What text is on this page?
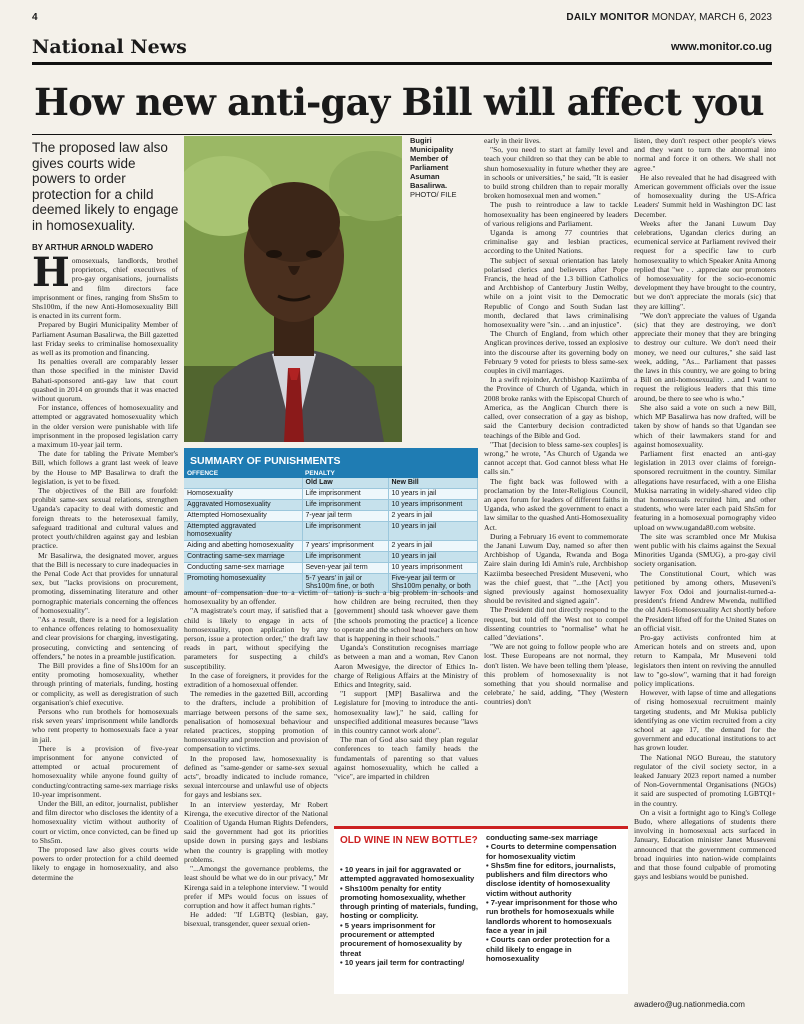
4	DAILY MONITOR MONDAY, MARCH 6, 2023
National News	www.monitor.co.ug
How new anti-gay Bill will affect you
The proposed law also gives courts wide powers to order protection for a child deemed likely to engage in homosexuality.
BY ARTHUR ARNOLD WADERO
H omosexuals, landlords, brothel proprietors, chief executives of pro-gay organisations, journalists and film directors face imprisonment or fines, ranging from Shs5m to Shs100m, if the new Anti-Homosexuality Bill is enacted in its current form.

Prepared by Bugiri Municipality Member of Parliament Asuman Basalirwa, the Bill gazetted last Friday seeks to criminalise homosexuality as well as its promotion and financing.

Its penalties overall are comparably lesser than those specified in the minister David Bahati-sponsored anti-gay law that court quashed in 2014 on grounds that it was enacted without quorum.

For instance, offences of homosexuality and attempted or aggravated homosexuality which in the older version were punishable with life imprisonment in the proposed legislation carry a maximum 10-year jail term.

The date for tabling the Private Member's Bill, which follows a grant last week of leave by the House to MP Basalirwa to draft the legislation, is yet to be fixed.

The objectives of the Bill are fourfold: prohibit same-sex sexual relations, strengthen Uganda's capacity to deal with domestic and foreign threats to the heterosexual family, safeguard traditional and cultural values and protect youth/children against gay and lesbian practice.

Mr Basalirwa, the designated mover, argues that the Bill is necessary to cure inadequacies in the Penal Code Act that provides for unnatural sex, but "lacks provisions on procurement, promoting, disseminating literature and other pornographic materials concerning the offences of homosexuality".

"As a result, there is a need for a legislation to enhance offences relating to homosexuality and clear provisions for charging, investigating, prosecuting, convicting and sentencing of offenders," he notes in a preamble justification.

The Bill provides a fine of Shs100m for an entity promoting homosexuality, whether through printing of materials, funding, hosting or complicity, as well as deregistration of such organisation's chief executive.

Persons who run brothels for homosexuals risk seven years' imprisonment while landlords who rent property to homosexuals face a year in jail.

There is a provision of five-year imprisonment for anyone convicted of attempted or actual procurement of homosexuality while anyone found guilty of conducting/contracting same-sex marriage risks 10-year imprisonment.

Under the Bill, an editor, journalist, publisher and film director who discloses the identity of a homosexuality victim without authority of court or victim, once convicted, can be fined up to Shs5m.

The proposed law also gives courts wide powers to order protection for a child deemed likely to engage in homosexuality, and also determine the

Bugiri Municipality Member of Parliament Asuman Basalirwa. PHOTO/ FILE
SUMMARY OF PUNISHMENTS
OFFENCE	PENALTY	
	Old Law	New Bill
Homosexuality	Life imprisonment	10 years in jail
Aggravated Homosexuality	Life imprisonment	10 years imprisonment
Attempted Homosexuality	7-year jail term	2 years in jail
Attempted aggravated homosexuality	Life imprisonment	10 years in jail
Aiding and abetting homosexuality	7 years' imprisonment	2 years in jail
Contracting same-sex marriage	Life imprisonment	10 years in jail
Conducting same-sex marriage	Seven-year jail term	10 years imprisonment
Promoting homosexuality	5-7 years' in jail or Shs100m fine, or both	Five-year jail term or Shs100m penalty, or both

amount of compensation due to a victim of homosexuality by an offender.

"A magistrate's court may, if satisfied that a child is likely to engage in acts of homosexuality, upon application by any person, issue a protection order," the draft law reads in part, without specifying the parameters for suspecting a child's susceptibility.

In the case of foreigners, it provides for the extradition of a homosexual offender.

The remedies in the gazetted Bill, according to the drafters, include a prohibition of marriage between persons of the same sex, penalisation of homosexual behaviour and related practices, stopping promotion of homosexuality and protection and provision of compensation to victims.

In the proposed law, homosexuality is defined as "same-gender or same-sex sexual acts", broadly indicated to include romance, sexual intercourse and unlawful use of objects for gays and lesbians sex.

In an interview yesterday, Mr Robert Kirenga, the executive director of the National Coalition of Uganda Human Rights Defenders, said the government had got its priorities upside down in pursing gays and lesbians when the country is grappling with motley problems.

"...Amongst the governance problems, the least should be what we do in our privacy," Mr Kirenga said in a telephone interview. "I would prefer if MPs would focus on issues of corruption and how it affect human rights."

He added: "If LGBTQ (lesbian, gay, bisexual, transgender, queer sexual orien-

tation) is such a big problem in schools and how children are being recruited, then they [government] should task whoever gave them [the schools promoting the practice] a licence to operate and the school head teachers on how that is happening in their schools."

Uganda's Constitution recognises marriage as between a man and a woman, Rev Canon Aaron Mwesigye, the director of Ethics In-charge of Religious Affairs at the Ministry of Ethics and Integrity, said.

"I support [MP] Basalirwa and the Legislature for [moving to introduce the anti-homosexuality law]," he said, calling for unspecified additional measures because "laws in this country cannot work alone".

The man of God also said they plan regular conferences to teach family heads the fundamentals of parenting so that values against homosexuality, which he called a "vice", are imparted in children

early in their lives.

"So, you need to start at family level and teach your children so that they can be able to shun homosexuality in future whether they are in schools or universities," he said, "It is easier to build strong children than to repair morally broken homosexual men and women."

The push to reintroduce a law to tackle homosexuality has been engineered by leaders of various religions and Parliament.

Uganda is among 77 countries that criminalise gay and lesbian practices, according to the United Nations.

The subject of sexual orientation has lately polarised clerics and believers after Pope Francis, the head of the 1.3 billion Catholics and Archbishop of Canterbury Justin Welby, while on a joint visit to the Democratic Republic of Congo and South Sudan last month, declared that laws criminalising homosexuality were "sin. . .and an injustice".

The Church of England, from which other Anglican provinces derive, tossed an explosive into the discourse after its governing body on February 9 voted for priests to bless same-sex couples in civil marriages.

In a swift rejoinder, Archbishop Kaziimba of the Province of Church of Uganda, which in 2008 broke ranks with the Episcopal Church of America, as the Anglican Church there is called, over consecration of a gay as bishop, said the Canterbury decision contradicted teachings of the Bible and God.

"That [decision to bless same-sex couples] is wrong," he wrote, "As Church of Uganda we cannot accept that. God cannot bless what He calls sin."

The fight back was followed with a proclamation by the Inter-Religious Council, an apex forum for leaders of different faiths in Uganda, who asked the government to enact a law similar to the quashed Anti-Homosexuality Act.

During a February 16 event to commemorate the Janani Luwum Day, named so after then Archbishop of Uganda, Rwanda and Boga Zaire slain during Idi Amin's rule, Archbishop Kaziimba beseeched President Museveni, who was the chief guest, that "...the [Act] you signed previously against homosexuality should be revisited and signed again".

The President did not directly respond to the request, but told off the West not to compel dissenting countries to "normalise" what he called "deviations".

"We are not going to follow people who are lost. These Europeans are not normal, they don't listen. We have been telling them 'please, this problem of homosexuality is not something that you should normalise and celebrate,' he said, adding, "They (Western countries) don't

listen, they don't respect other people's views and they want to turn the abnormal into normal and force it on others. We shall not agree."

He also revealed that he had disagreed with American government officials over the issue of homosexuality during the US-Africa Leaders' Summit held in Washington DC last December.

Weeks after the Janani Luwum Day celebrations, Ugandan clerics during an ecumenical service at Parliament revived their request for a specific law to curb homosexuality to which Speaker Anita Among replied that "we . . .appreciate our promoters of homosexuality for the socio-economic development they have brought to the country, but we don't appreciate the morals (sic) that they are killing".

"We don't appreciate the values of Uganda (sic) that they are destroying, we don't appreciate their money that they are bringing to destroy our culture. We don't need their money, we need our cultures," she said last week, adding, "As... Parliament that passes the laws in this country, we are going to bring a Bill on anti-homosexuality. . .and I want to request the religious leaders that this time around, be there to see who is who."

She also said a vote on such a new Bill, which MP Basalirwa has now drafted, will be taken by show of hands so that Ugandan see which of their lawmakers stand for and against homosexuality.

Parliament first enacted an anti-gay legislation in 2013 over claims of foreign-sponsored recruitment in the country. Similar allegations have resurfaced, with a one Elisha Mukisa narrating in widely-shared video clip that homosexuals recruited him, and other students, who were later each paid Shs5m for featuring in a homosexual pornography video upload on www.uganda80.com website.

The site was scrambled once Mr Mukisa went public with his claims against the Sexual Minorities Uganda (SMUG), a pro-gay civil society organisation.

The Constitutional Court, which was petitioned by among others, Museveni's lawyer Fox Odoi and journalist-turned-a-president's friend Andrew Mwenda, nullified the old Anti-Homosexuality Act shortly before the President lifted off for the United States on an official visit.

Pro-gay activists confronted him at American hotels and on streets and, upon return to Kampala, Mr Museveni told legislators then intent on reviving the annulled law to "go-slow", warning that it had foreign policy implications.

However, with lapse of time and allegations of rising homosexual recruitment mainly targeting students, and Mr Mukisa publicly identifying as one victim recruited from a city school at age 17, the demand for the government and educational institutions to act has grown louder.

The National NGO Bureau, the statutory regulator of the civil society sector, in a leaked January 2023 report named a number of Non-Governmental Organisations (NGOs) it said are suspected of promoting LGBTQI+ in the country.

On a visit a fortnight ago to King's College Budo, where allegations of students there involving in homosexual acts surfaced in January, Education minister Janet Museveni announced that the government commenced broad inquiries into nation-wide complaints and that those found culpable of promoting gays and lesbians would be punished.

OLD WINE IN NEW BOTTLE?
• 10 years in jail for aggravated or attempted aggravated homosexuality
• Shs100m penalty for entity promoting homosexuality, whether through printing of materials, funding, hosting or complicity.
• 5 years imprisonment for procurement or attempted procurement of homosexuality by threat
• 10 years jail term for contracting/
conducting same-sex marriage
• Courts to determine compensation for homosexuality victim
• Shs5m fine for editors, journalists, publishers and film directors who disclose identity of homosexuality victim without authority
• 7-year imprisonment for those who run brothels for homosexuals while landlords whorent to homosexuals face a year in jail
• Courts can order protection for a child likely to engage in homosexuality
awadero@ug.nationmedia.com
